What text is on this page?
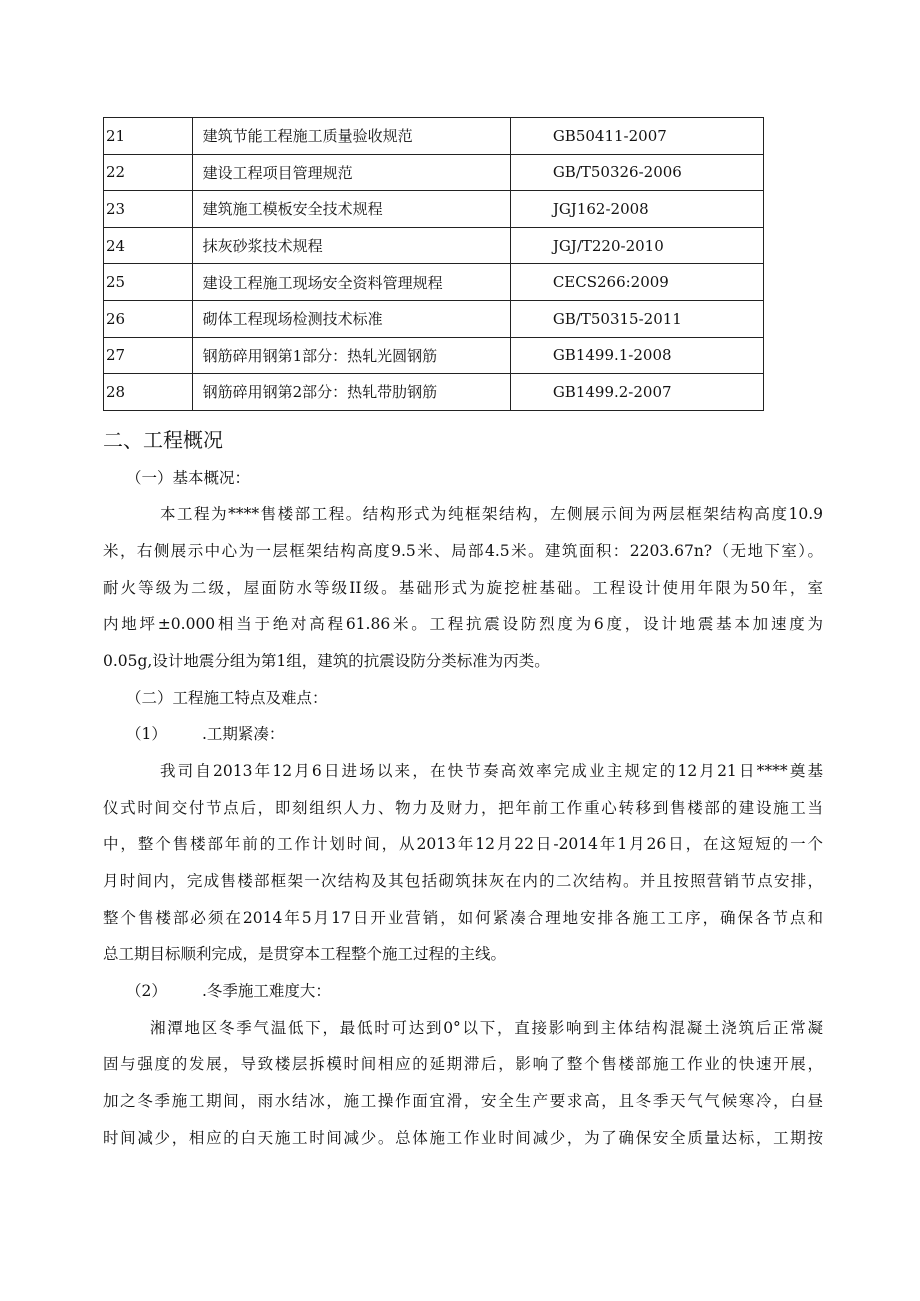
21	建筑节能工程施工质量验收规范	GB50411-2007
22	建设工程项目管理规范	GB/T50326-2006
23	建筑施工模板安全技术规程	JGJ162-2008
24	抹灰砂浆技术规程	JGJ/T220-2010
25	建设工程施工现场安全资料管理规程	CECS266:2009
26	砌体工程现场检测技术标准	GB/T50315-2011
27	钢筋碎用钢第1部分：热轧光圆钢筋	GB1499.1-2008
28	钢筋碎用钢第2部分：热轧带肋钢筋	GB1499.2-2007
二、工程概况

（一）基本概况：

本工程为****售楼部工程。结构形式为纯框架结构，左侧展示间为两层框架结构高度10.9

米，右侧展示中心为一层框架结构高度9.5米、局部4.5米。建筑面积：2203.67n?（无地下室）。

耐火等级为二级，屋面防水等级II级。基础形式为旋挖桩基础。工程设计使用年限为50年，室

内地坪±0.000相当于绝对高程61.86米。工程抗震设防烈度为6度，设计地震基本加速度为

0.05g,设计地震分组为第1组，建筑的抗震设防分类标准为丙类。

（二）工程施工特点及难点：

（1） .工期紧凑：

我司自2013年12月6日进场以来，在快节奏高效率完成业主规定的12月21日****奠基

仪式时间交付节点后，即刻组织人力、物力及财力，把年前工作重心转移到售楼部的建设施工当

中，整个售楼部年前的工作计划时间，从2013年12月22日-2014年1月26日，在这短短的一个

月时间内，完成售楼部框架一次结构及其包括砌筑抹灰在内的二次结构。并且按照营销节点安排，

整个售楼部必须在2014年5月17日开业营销，如何紧凑合理地安排各施工工序，确保各节点和

总工期目标顺利完成，是贯穿本工程整个施工过程的主线。

（2） .冬季施工难度大：

湘潭地区冬季气温低下，最低时可达到0°以下，直接影响到主体结构混凝土浇筑后正常凝

固与强度的发展，导致楼层拆模时间相应的延期滞后，影响了整个售楼部施工作业的快速开展，

加之冬季施工期间，雨水结冰，施工操作面宜滑，安全生产要求高，且冬季天气气候寒冷，白昼

时间减少，相应的白天施工时间减少。总体施工作业时间减少，为了确保安全质量达标，工期按
